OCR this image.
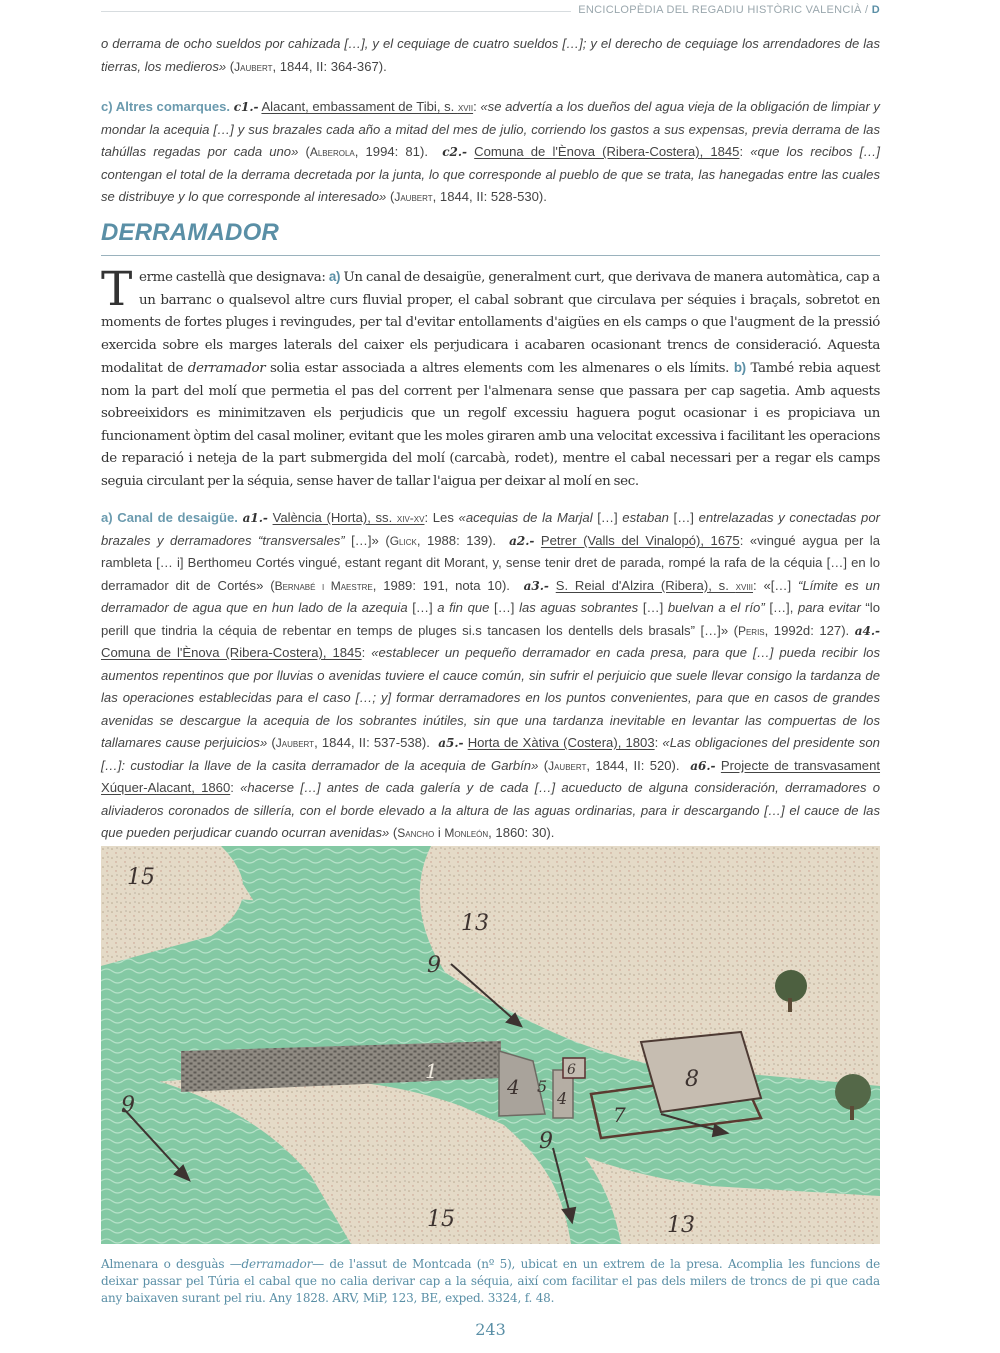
ENCICLOPÈDIA DEL REGADIU HISTÒRIC VALENCIÀ / D
o derrama de ocho sueldos por cahizada […], y el cequiage de cuatro sueldos […]; y el derecho de cequiage los arrendadores de las tierras, los medieros» (Jaubert, 1844, II: 364-367).
c) Altres comarques. c1.- Alacant, embassament de Tibi, s. xvii: «se advertía a los dueños del agua vieja de la obligación de limpiar y mondar la acequia […] y sus brazales cada año a mitad del mes de julio, corriendo los gastos a sus expensas, previa derrama de las tahúllas regadas por cada uno» (Alberola, 1994: 81). c2.- Comuna de l'Ènova (Ribera-Costera), 1845: «que los recibos […] contengan el total de la derrama decretada por la junta, lo que corresponde al pueblo de que se trata, las hanegadas entre las cuales se distribuye y lo que corresponde al interesado» (Jaubert, 1844, II: 528-530).
DERRAMADOR
Terme castellà que designava: a) Un canal de desaigüe, generalment curt, que derivava de manera automàtica, cap a un barranc o qualsevol altre curs fluvial proper, el cabal sobrant que circulava per séquies i braçals, sobretot en moments de fortes pluges i revingudes, per tal d'evitar entollaments d'aigües en els camps o que l'augment de la pressió exercida sobre els marges laterals del caixer els perjudicara i acabaren ocasionant trencs de consideració. Aquesta modalitat de derramador solia estar associada a altres elements com les almenares o els límits. b) També rebia aquest nom la part del molí que permetia el pas del corrent per l'almenara sense que passara per cap sagetia. Amb aquests sobreeixidors es minimitzaven els perjudicis que un regolf excessiu haguera pogut ocasionar i es propiciava un funcionament òptim del casal moliner, evitant que les moles giraren amb una velocitat excessiva i facilitant les operacions de reparació i neteja de la part submergida del molí (carcabà, rodet), mentre el cabal necessari per a regar els camps seguia circulant per la séquia, sense haver de tallar l'aigua per deixar al molí en sec.
a) Canal de desaigüe. a1.- València (Horta), ss. xiv-xv: Les «acequias de la Marjal […] estaban […] entrelazadas y conectadas por brazales y derramadores “transversales” […]» (Glick, 1988: 139). a2.- Petrer (Valls del Vinalopó), 1675: «vingué aygua per la rambleta [… i] Berthomeu Cortés vingué, estant regant dit Morant, y, sense tenir dret de parada, rompé la rafa de la céquia […] en lo derramador dit de Cortés» (Bernabé i Maestre, 1989: 191, nota 10). a3.- S. Reial d'Alzira (Ribera), s. xviii: «[…] “Límite es un derramador de agua que en hun lado de la azequia […] a fin que […] las aguas sobrantes […] buelvan a el río” […], para evitar “lo perill que tindria la céquia de rebentar en temps de pluges si.s tancasen los dentells dels brasals” […]» (Peris, 1992d: 127). a4.- Comuna de l'Ènova (Ribera-Costera), 1845: «establecer un pequeño derramador en cada presa, para que […] pueda recibir los aumentos repentinos que por lluvias o avenidas tuviere el cauce común, sin sufrir el perjuicio que suele llevar consigo la tardanza de las operaciones establecidas para el caso […; y] formar derramadores en los puntos convenientes, para que en casos de grandes avenidas se descargue la acequia de los sobrantes inútiles, sin que una tardanza inevitable en levantar las compuertas de los tallamares cause perjuicios» (Jaubert, 1844, II: 537-538). a5.- Horta de Xàtiva (Costera), 1803: «Las obligaciones del presidente son […]: custodiar la llave de la casita derramador de la acequia de Garbín» (Jaubert, 1844, II: 520). a6.- Projecte de transvasament Xúquer-Alacant, 1860: «hacerse […] antes de cada galería y de cada […] acueducto de alguna consideración, derramadores o aliviaderos coronados de sillería, con el borde elevado a la altura de las aguas ordinarias, para ir descargando […] el cauce de las que pueden perjudicar cuando ocurran avenidas» (Sancho i Monleón, 1860: 30).
15
13
9
1
4 5
4
6
7
8
9
9
15	13
Almenara o desguàs —derramador— de l'assut de Montcada (nº 5), ubicat en un extrem de la presa. Acomplia les funcions de deixar passar pel Túria el cabal que no calia derivar cap a la séquia, així com facilitar el pas dels milers de troncs de pi que cada any baixaven surant pel riu. Any 1828. ARV, MiP, 123, BE, exped. 3324, f. 48.
243
